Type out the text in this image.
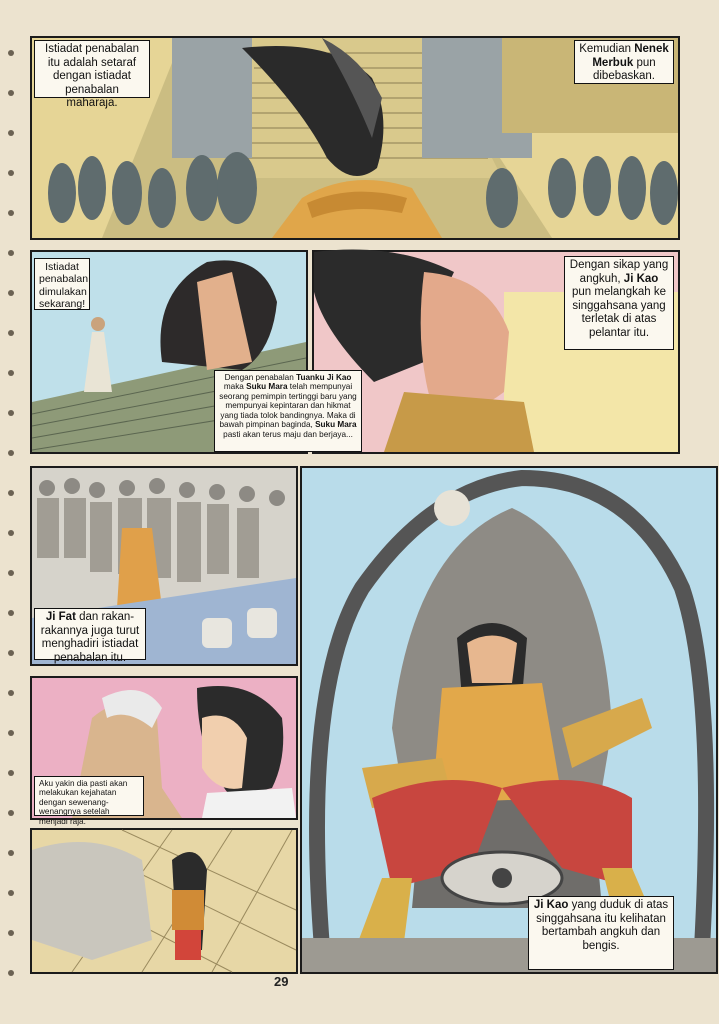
Istiadat penabalan itu adalah setaraf dengan istiadat penabalan maharaja.
Kemudian Nenek Merbuk pun dibebaskan.
Istiadat penabalan dimulakan sekarang!
Dengan sikap yang angkuh, Ji Kao pun melangkah ke singgahsana yang terletak di atas pelantar itu.
Dengan penabalan Tuanku Ji Kao maka Suku Mara telah mempunyai seorang pemimpin tertinggi baru yang mempunyai kepintaran dan hikmat yang tiada tolok bandingnya. Maka di bawah pimpinan baginda, Suku Mara pasti akan terus maju dan berjaya...
Ji Fat dan rakan-rakannya juga turut menghadiri istiadat penabalan itu.
Aku yakin dia pasti akan melakukan kejahatan dengan sewenang-wenangnya setelah menjadi raja.
Ji Kao yang duduk di atas singgahsana itu kelihatan bertambah angkuh dan bengis.
29
